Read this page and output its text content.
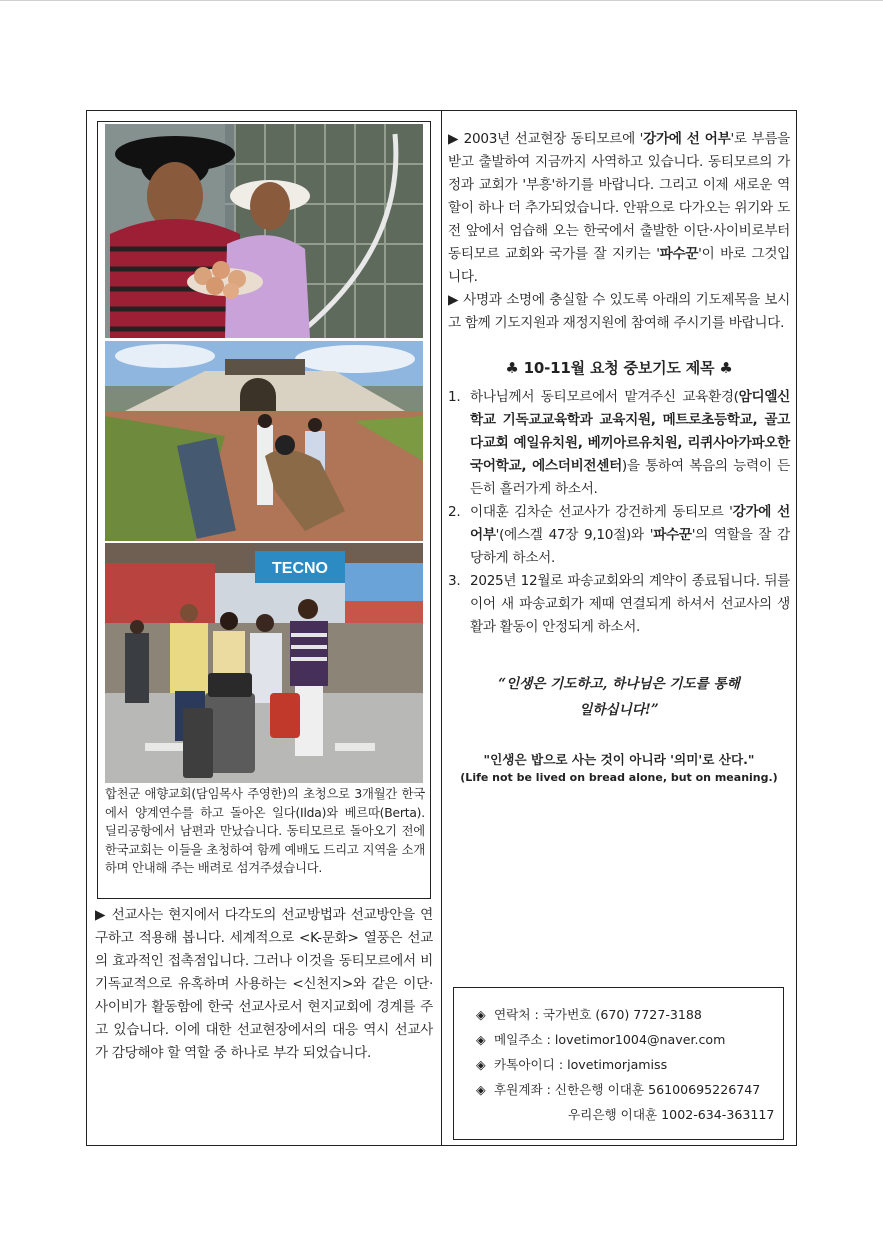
TECNO
합천군 애향교회(담임목사 주영한)의 초청으로 3개월간 한국에서 양계연수를 하고 돌아온 일다(Ilda)와 베르따(Berta). 딜리공항에서 남편과 만났습니다. 동티모르로 돌아오기 전에 한국교회는 이들을 초청하여 함께 예배도 드리고 지역을 소개하며 안내해 주는 배려로 섬겨주셨습니다.
▶ 선교사는 현지에서 다각도의 선교방법과 선교방안을 연구하고 적용해 봅니다. 세계적으로 <K-문화> 열풍은 선교의 효과적인 접촉점입니다. 그러나 이것을 동티모르에서 비기독교적으로 유혹하며 사용하는 <신천지>와 같은 이단·사이비가 활동함에 한국 선교사로서 현지교회에 경계를 주고 있습니다. 이에 대한 선교현장에서의 대응 역시 선교사가 감당해야 할 역할 중 하나로 부각 되었습니다.

▶ 2003년 선교현장 동티모르에 '강가에 선 어부'로 부름을 받고 출발하여 지금까지 사역하고 있습니다. 동티모르의 가정과 교회가 '부흥'하기를 바랍니다. 그리고 이제 새로운 역할이 하나 더 추가되었습니다. 안팎으로 다가오는 위기와 도전 앞에서 엄습해 오는 한국에서 출발한 이단·사이비로부터 동티모르 교회와 국가를 잘 지키는 '파수꾼'이 바로 그것입니다.

▶ 사명과 소명에 충실할 수 있도록 아래의 기도제목을 보시고 함께 기도지원과 재정지원에 참여해 주시기를 바랍니다.

♣ 10-11월 요청 중보기도 제목 ♣
1. 하나님께서 동티모르에서 맡겨주신 교육환경(암디엘신학교 기독교교육학과 교육지원, 메트로초등학교, 골고다교회 예일유치원, 베끼아르유치원, 리퀴사아가파오한국어학교, 에스더비전센터)을 통하여 복음의 능력이 든든히 흘러가게 하소서.
2. 이대훈 김차순 선교사가 강건하게 동티모르 '강가에 선 어부'(에스겔 47장 9,10절)와 '파수꾼'의 역할을 잘 감당하게 하소서.
3. 2025년 12월로 파송교회와의 계약이 종료됩니다. 뒤를 이어 새 파송교회가 제때 연결되게 하셔서 선교사의 생활과 활동이 안정되게 하소서.
“인생은 기도하고, 하나님은 기도를 통해
일하십니다!”
"인생은 밥으로 사는 것이 아니라 '의미'로 산다."
(Life not be lived on bread alone, but on meaning.)
◈ 연락처 : 국가번호 (670) 7727-3188
◈ 메일주소 : lovetimor1004@naver.com
◈ 카톡아이디 : lovetimorjamiss
◈ 후원계좌 : 신한은행 이대훈 56100695226747
우리은행 이대훈 1002-634-363117
